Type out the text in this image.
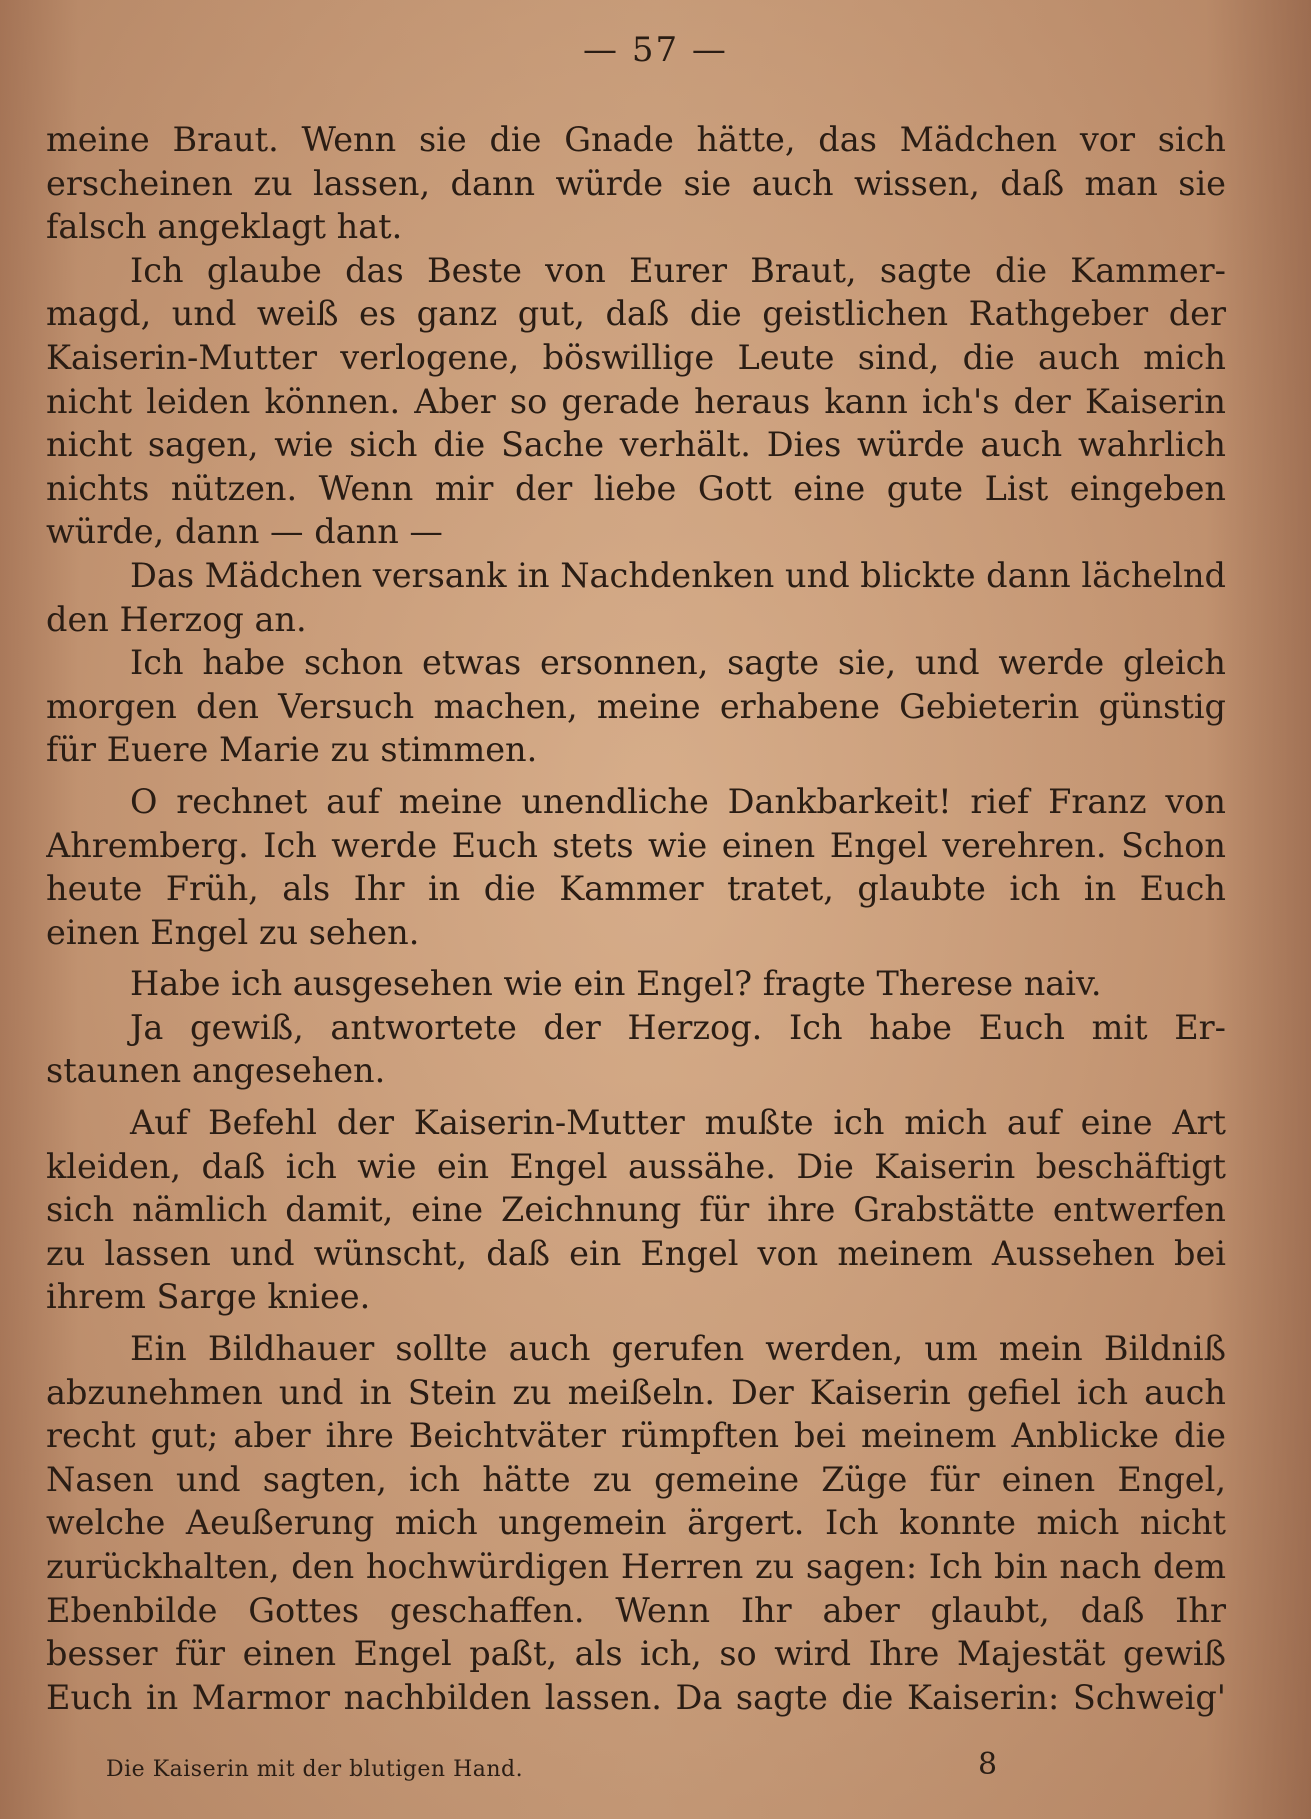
— 57 —
meine Braut. Wenn sie die Gnade hätte, das Mädchen vor sich
erscheinen zu lassen, dann würde sie auch wissen, daß man sie
falsch angeklagt hat.
Ich glaube das Beste von Eurer Braut, sagte die Kammer-
magd, und weiß es ganz gut, daß die geistlichen Rathgeber der
Kaiserin-Mutter verlogene, böswillige Leute sind, die auch mich
nicht leiden können. Aber so gerade heraus kann ich's der Kaiserin
nicht sagen, wie sich die Sache verhält. Dies würde auch wahrlich
nichts nützen. Wenn mir der liebe Gott eine gute List eingeben
würde, dann — dann —
Das Mädchen versank in Nachdenken und blickte dann lächelnd
den Herzog an.
Ich habe schon etwas ersonnen, sagte sie, und werde gleich
morgen den Versuch machen, meine erhabene Gebieterin günstig
für Euere Marie zu stimmen.
O rechnet auf meine unendliche Dankbarkeit! rief Franz von
Ahremberg. Ich werde Euch stets wie einen Engel verehren. Schon
heute Früh, als Ihr in die Kammer tratet, glaubte ich in Euch
einen Engel zu sehen.
Habe ich ausgesehen wie ein Engel? fragte Therese naiv.
Ja gewiß, antwortete der Herzog. Ich habe Euch mit Er-
staunen angesehen.
Auf Befehl der Kaiserin-Mutter mußte ich mich auf eine Art
kleiden, daß ich wie ein Engel aussähe. Die Kaiserin beschäftigt
sich nämlich damit, eine Zeichnung für ihre Grabstätte entwerfen
zu lassen und wünscht, daß ein Engel von meinem Aussehen bei
ihrem Sarge kniee.
Ein Bildhauer sollte auch gerufen werden, um mein Bildniß
abzunehmen und in Stein zu meißeln. Der Kaiserin gefiel ich auch
recht gut; aber ihre Beichtväter rümpften bei meinem Anblicke die
Nasen und sagten, ich hätte zu gemeine Züge für einen Engel,
welche Aeußerung mich ungemein ärgert. Ich konnte mich nicht
zurückhalten, den hochwürdigen Herren zu sagen: Ich bin nach dem
Ebenbilde Gottes geschaffen. Wenn Ihr aber glaubt, daß Ihr
besser für einen Engel paßt, als ich, so wird Ihre Majestät gewiß
Euch in Marmor nachbilden lassen. Da sagte die Kaiserin: Schweig'
Die Kaiserin mit der blutigen Hand.	8
